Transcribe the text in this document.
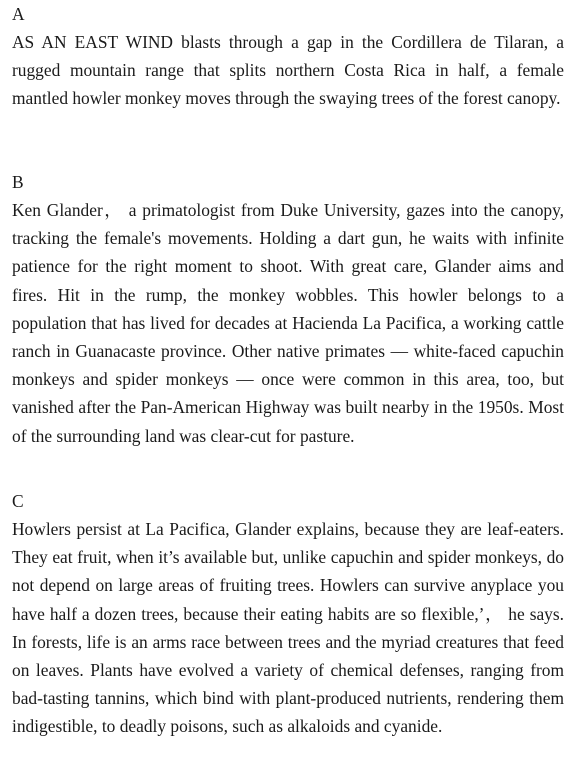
A
AS AN EAST WIND blasts through a gap in the Cordillera de Tilaran, a rugged mountain range that splits northern Costa Rica in half, a female mantled howler monkey moves through the swaying trees of the forest canopy.
B
Ken Glander， a primatologist from Duke University, gazes into the canopy, tracking the female's movements. Holding a dart gun, he waits with infinite patience for the right moment to shoot. With great care, Glander aims and fires. Hit in the rump, the monkey wobbles. This howler belongs to a population that has lived for decades at Hacienda La Pacifica, a working cattle ranch in Guanacaste province. Other native primates — white-faced capuchin monkeys and spider monkeys — once were common in this area, too, but vanished after the Pan-American Highway was built nearby in the 1950s. Most of the surrounding land was clear-cut for pasture.
C
Howlers persist at La Pacifica, Glander explains, because they are leaf-eaters. They eat fruit, when it’s available but, unlike capuchin and spider monkeys, do not depend on large areas of fruiting trees. Howlers can survive anyplace you have half a dozen trees, because their eating habits are so flexible,’， he says. In forests, life is an arms race between trees and the myriad creatures that feed on leaves. Plants have evolved a variety of chemical defenses, ranging from bad-tasting tannins, which bind with plant-produced nutrients, rendering them indigestible, to deadly poisons, such as alkaloids and cyanide.
